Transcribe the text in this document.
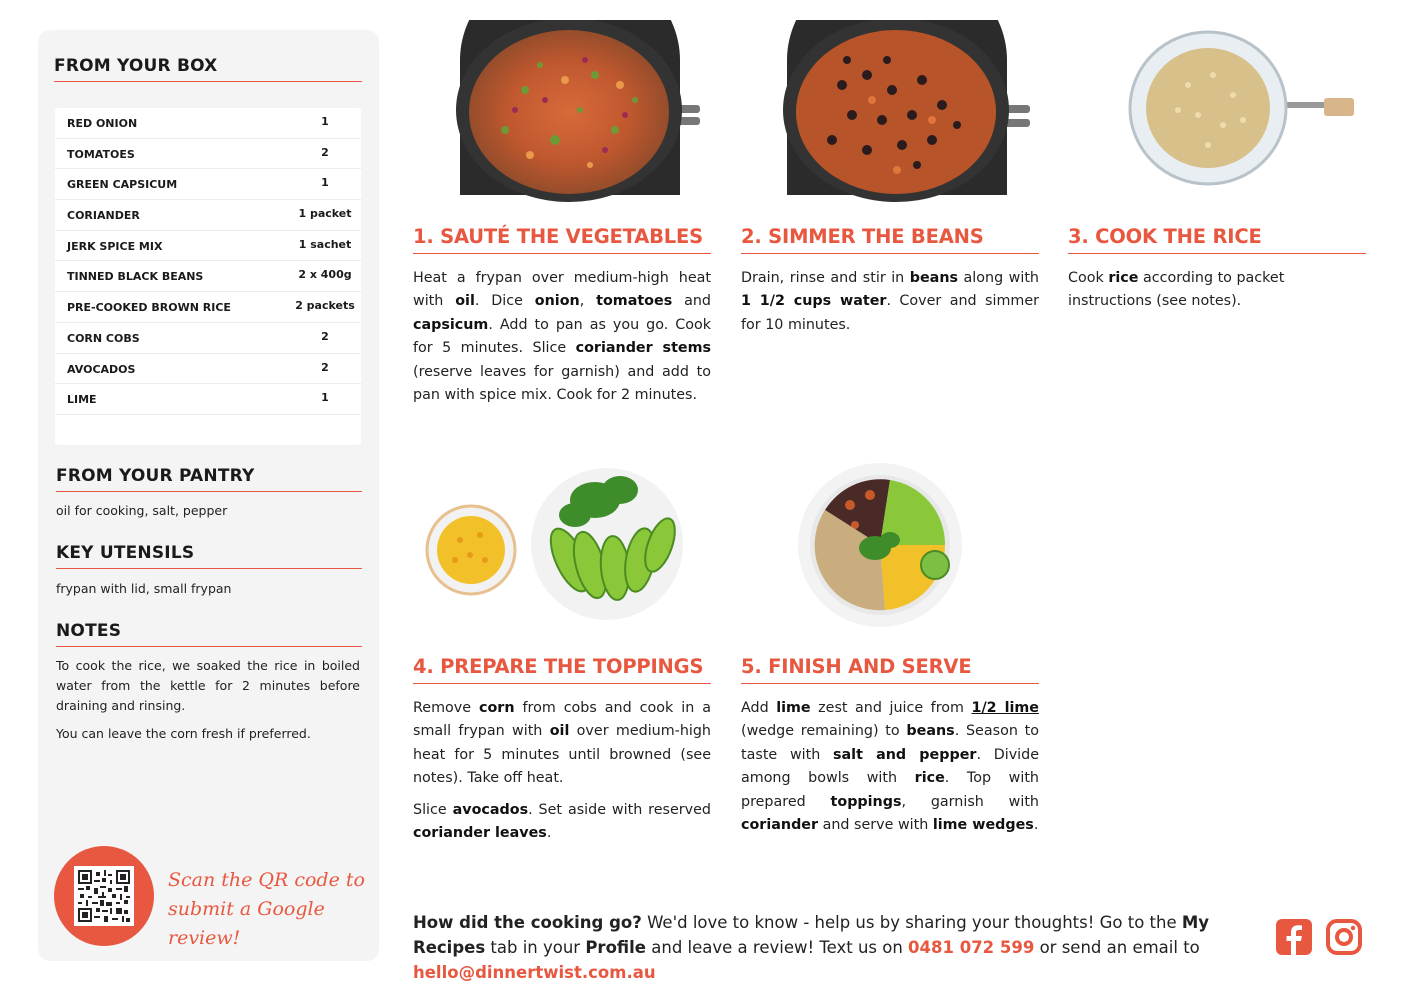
FROM YOUR BOX
RED ONION	1
TOMATOES	2
GREEN CAPSICUM	1
CORIANDER	1 packet
JERK SPICE MIX	1 sachet
TINNED BLACK BEANS	2 x 400g
PRE-COOKED BROWN RICE	2 packets
CORN COBS	2
AVOCADOS	2
LIME	1
FROM YOUR PANTRY
oil for cooking, salt, pepper
KEY UTENSILS
frypan with lid, small frypan
NOTES
To cook the rice, we soaked the rice in boiled water from the kettle for 2 minutes before draining and rinsing.
You can leave the corn fresh if preferred.
Scan the QR code to
submit a Google review!
1. SAUTÉ THE VEGETABLES
Heat a frypan over medium-high heat with oil. Dice onion, tomatoes and capsicum. Add to pan as you go. Cook for 5 minutes. Slice coriander stems (reserve leaves for garnish) and add to pan with spice mix. Cook for 2 minutes.
2. SIMMER THE BEANS
Drain, rinse and stir in beans along with 1 1/2 cups water. Cover and simmer for 10 minutes.
3. COOK THE RICE
Cook rice according to packet instructions (see notes).
4. PREPARE THE TOPPINGS
Remove corn from cobs and cook in a small frypan with oil over medium-high heat for 5 minutes until browned (see notes). Take off heat.
Slice avocados. Set aside with reserved coriander leaves.
5. FINISH AND SERVE
Add lime zest and juice from 1/2 lime (wedge remaining) to beans. Season to taste with salt and pepper. Divide among bowls with rice. Top with prepared toppings, garnish with coriander and serve with lime wedges.
How did the cooking go? We'd love to know - help us by sharing your thoughts! Go to the My Recipes tab in your Profile and leave a review! Text us on 0481 072 599 or send an email to hello@dinnertwist.com.au
